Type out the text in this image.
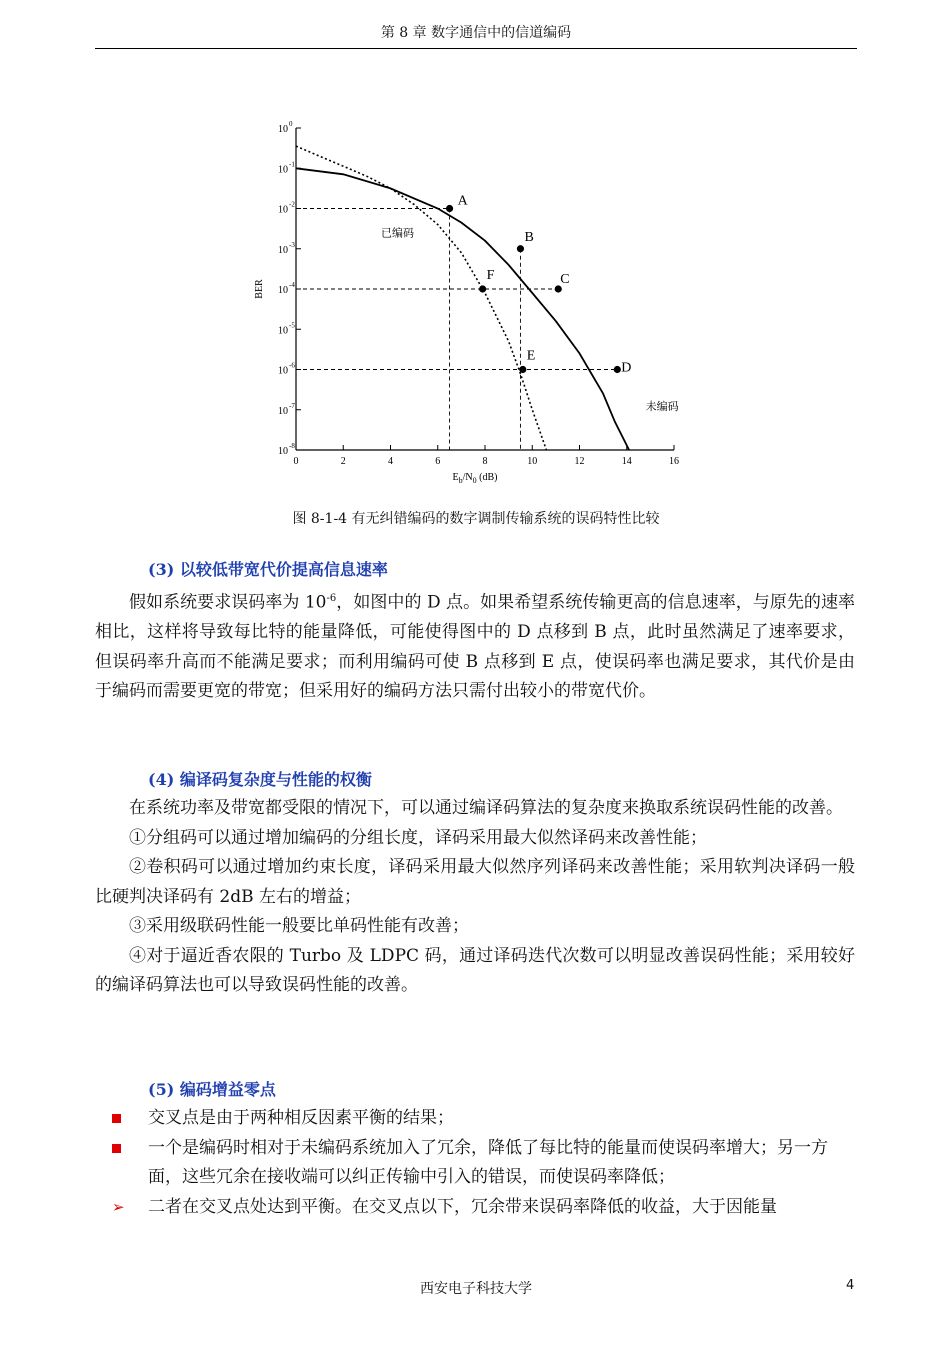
第 8 章 数字通信中的信道编码
10 0
10 -1
10 -2
10 -3
10 -4
10 -5
10 -6
10 -7
10 -8
0	2	4	6	8	10	12	14	16
BER
$E_b/N_0$ (dB)
A
B
C
D
E
F
已编码
未编码
图 8-1-4 有无纠错编码的数字调制传输系统的误码特性比较
(3) 以较低带宽代价提高信息速率

假如系统要求误码率为 $10^{-6}$，如图中的 D 点。如果希望系统传输更高的信息速率，与原先的速率相比，这样将导致每比特的能量降低，可能使得图中的 D 点移到 B 点，此时虽然满足了速率要求，但误码率升高而不能满足要求；而利用编码可使 B 点移到 E 点，使误码率也满足要求，其代价是由于编码而需要更宽的带宽；但采用好的编码方法只需付出较小的带宽代价。

(4) 编译码复杂度与性能的权衡

在系统功率及带宽都受限的情况下，可以通过编译码算法的复杂度来换取系统误码性能的改善。

①分组码可以通过增加编码的分组长度，译码采用最大似然译码来改善性能；

②卷积码可以通过增加约束长度，译码采用最大似然序列译码来改善性能；采用软判决译码一般比硬判决译码有 2dB 左右的增益；

③采用级联码性能一般要比单码性能有改善；

④对于逼近香农限的 Turbo 及 LDPC 码，通过译码迭代次数可以明显改善误码性能；采用较好的编译码算法也可以导致误码性能的改善。

(5) 编码增益零点
交叉点是由于两种相反因素平衡的结果；
一个是编码时相对于未编码系统加入了冗余，降低了每比特的能量而使误码率增大；另一方面，这些冗余在接收端可以纠正传输中引入的错误，而使误码率降低；
➢ 二者在交叉点处达到平衡。在交叉点以下，冗余带来误码率降低的收益，大于因能量
西安电子科技大学	4
